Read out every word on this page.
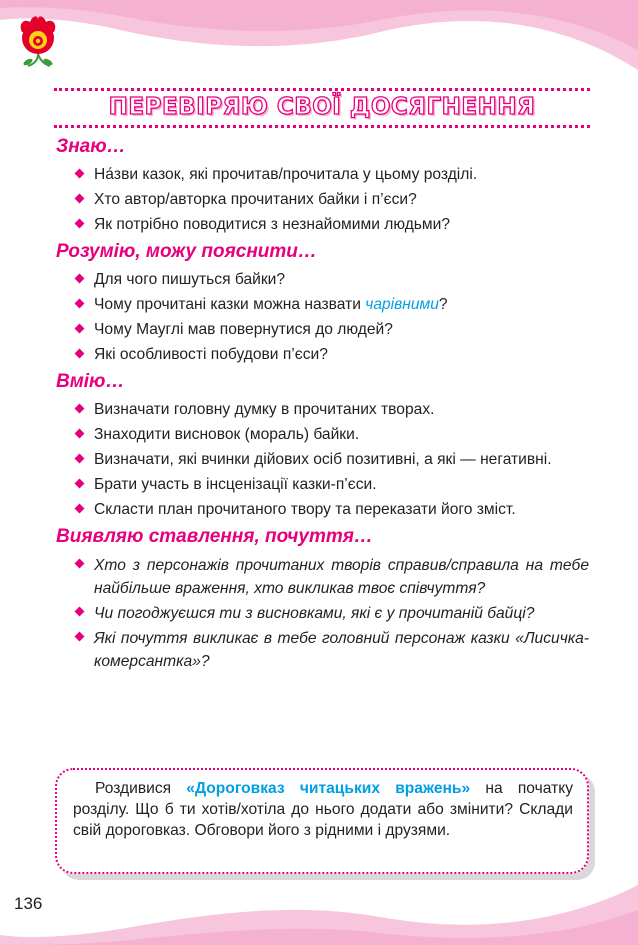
ПЕРЕВІРЯЮ СВОЇ ДОСЯГНЕННЯ
Знаю…
На́зви казок, які прочитав/прочитала у цьому розділі.
Хто автор/авторка прочитаних байки і п’єси?
Як потрібно поводитися з незнайомими людьми?
Розумію, можу пояснити…
Для чого пишуться байки?
Чому прочитані казки можна назвати чарівними?
Чому Мауглі мав повернутися до людей?
Які особливості побудови п’єси?
Вмію…
Визначати головну думку в прочитаних творах.
Знаходити висновок (мораль) байки.
Визначати, які вчинки дійових осіб позитивні, а які — негативні.
Брати участь в інсценізації казки-п’єси.
Скласти план прочитаного твору та переказати його зміст.
Виявляю ставлення, почуття…
Хто з персонажів прочитаних творів справив/справила на тебе найбільше враження, хто викликав твоє співчуття?
Чи погоджуєшся ти з висновками, які є у прочитаній байці?
Які почуття викликає в тебе головний персонаж казки «Лисичка-комерсантка»?

Роздивися «Дороговказ читацьких вражень» на початку розділу. Що б ти хотів/хотіла до нього додати або змінити? Склади свій дороговказ. Обговори його з рідними і друзями.

136
